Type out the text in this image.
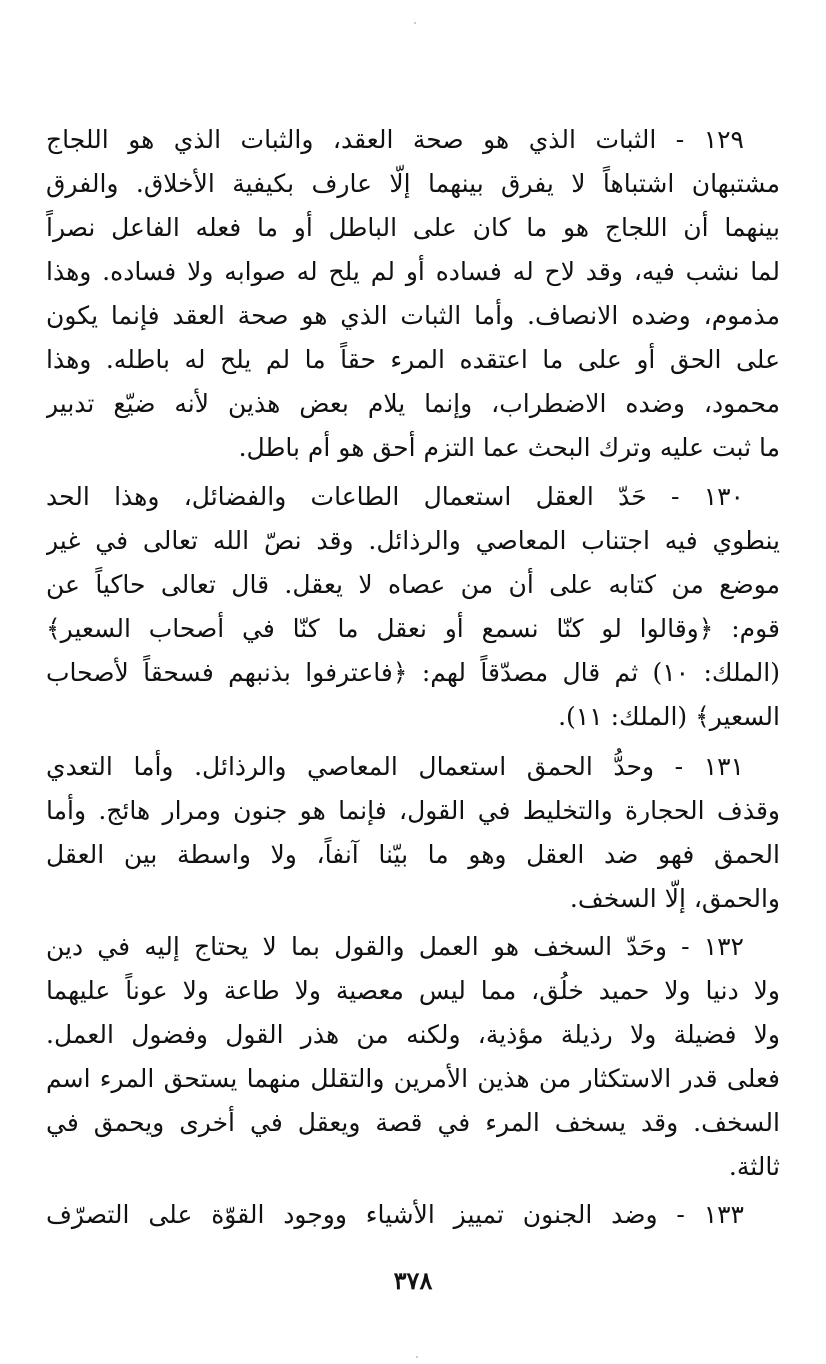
١٢٩ - الثبات الذي هو صحة العقد، والثبات الذي هو اللجاج
مشتبهان اشتباهاً لا يفرق بينهما إلّا عارف بكيفية الأخلاق. والفرق
بينهما أن اللجاج هو ما كان على الباطل أو ما فعله الفاعل نصراً
لما نشب فيه، وقد لاح له فساده أو لم يلح له صوابه ولا فساده. وهذا
مذموم، وضده الانصاف. وأما الثبات الذي هو صحة العقد فإنما يكون
على الحق أو على ما اعتقده المرء حقاً ما لم يلح له باطله. وهذا
محمود، وضده الاضطراب، وإنما يلام بعض هذين لأنه ضيّع تدبير
ما ثبت عليه وترك البحث عما التزم أحق هو أم باطل.
١٣٠ - حَدّ العقل استعمال الطاعات والفضائل، وهذا الحد
ينطوي فيه اجتناب المعاصي والرذائل. وقد نصّ الله تعالى في غير
موضع من كتابه على أن من عصاه لا يعقل. قال تعالى حاكياً عن
قوم: ﴿وقالوا لو كنّا نسمع أو نعقل ما كنّا في أصحاب السعير﴾
(الملك: ١٠) ثم قال مصدّقاً لهم: ﴿فاعترفوا بذنبهم فسحقاً لأصحاب
السعير﴾ (الملك: ١١).
١٣١ - وحدُّ الحمق استعمال المعاصي والرذائل. وأما التعدي
وقذف الحجارة والتخليط في القول، فإنما هو جنون ومرار هائج. وأما
الحمق فهو ضد العقل وهو ما بيّنا آنفاً، ولا واسطة بين العقل
والحمق، إلّا السخف.
١٣٢ - وحَدّ السخف هو العمل والقول بما لا يحتاج إليه في دين
ولا دنيا ولا حميد خلُق، مما ليس معصية ولا طاعة ولا عوناً عليهما
ولا فضيلة ولا رذيلة مؤذية، ولكنه من هذر القول وفضول العمل.
فعلى قدر الاستكثار من هذين الأمرين والتقلل منهما يستحق المرء اسم
السخف. وقد يسخف المرء في قصة ويعقل في أخرى ويحمق في
ثالثة.
١٣٣ - وضد الجنون تمييز الأشياء ووجود القوّة على التصرّف
٣٧٨
